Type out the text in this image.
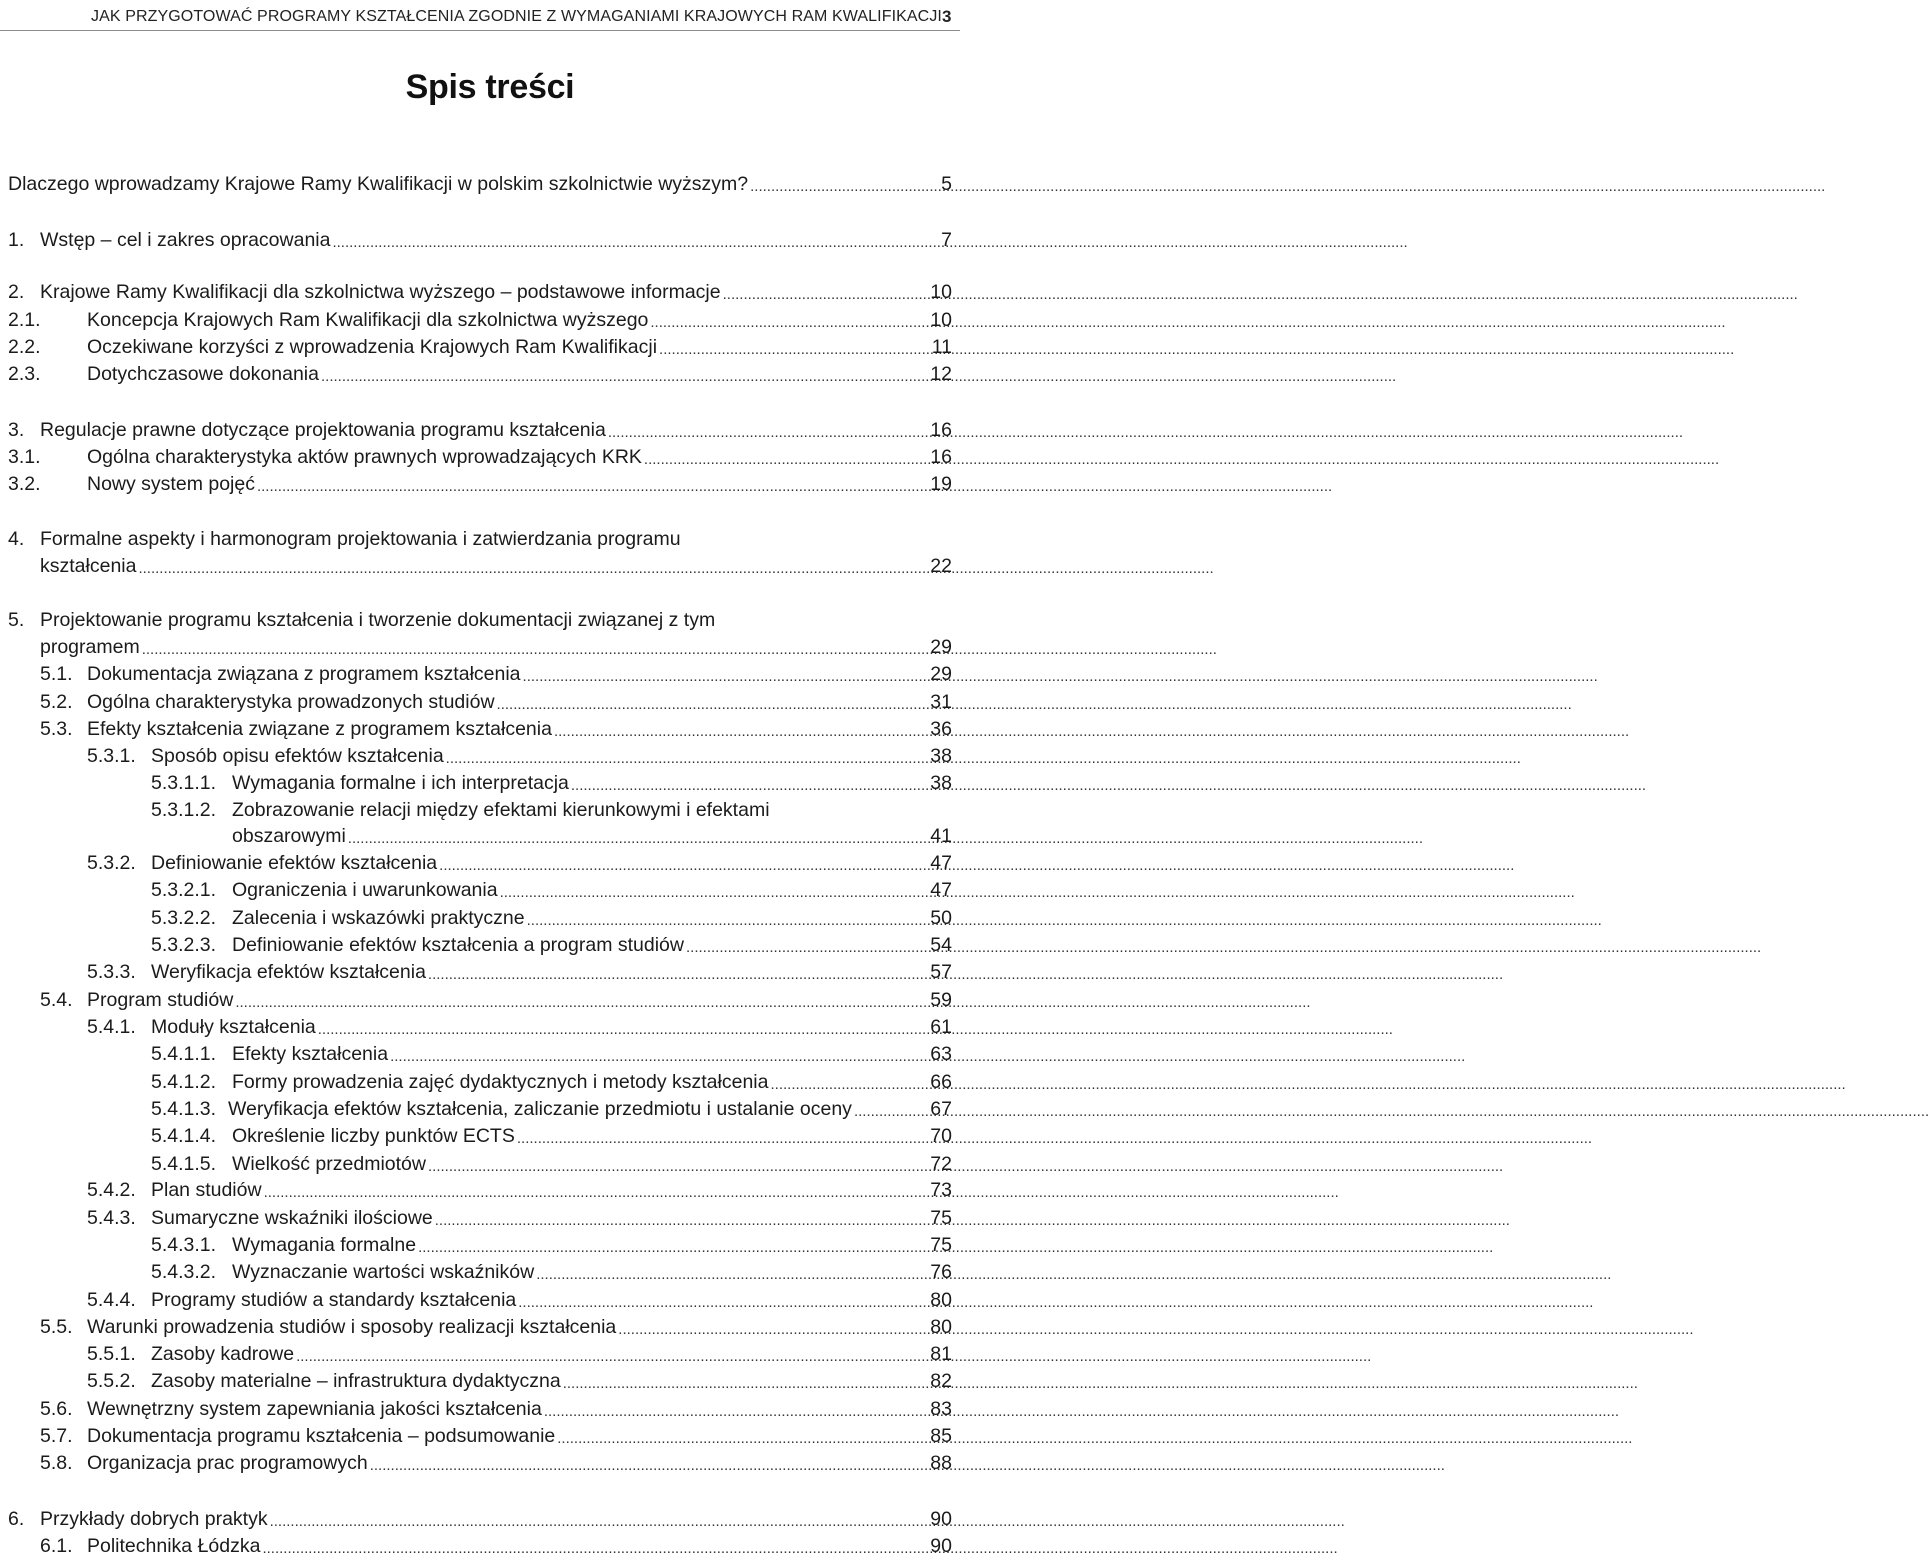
JAK PRZYGOTOWAĆ PROGRAMY KSZTAŁCENIA ZGODNIE Z WYMAGANIAMI KRAJOWYCH RAM KWALIFIKACJI 3
Spis treści
Dlaczego wprowadzamy Krajowe Ramy Kwalifikacji w polskim szkolnictwie wyższym? .....	5
1. Wstęp – cel i zakres opracowania .....	7
2. Krajowe Ramy Kwalifikacji dla szkolnictwa wyższego – podstawowe informacje .....	10
2.1.	Koncepcja Krajowych Ram Kwalifikacji dla szkolnictwa wyższego .....	10
2.2.	Oczekiwane korzyści z wprowadzenia Krajowych Ram Kwalifikacji .....	11
2.3.	Dotychczasowe dokonania .....	12
3. Regulacje prawne dotyczące projektowania programu kształcenia .....	16
3.1.	Ogólna charakterystyka aktów prawnych wprowadzających KRK .....	16
3.2.	Nowy system pojęć .....	19
4. Formalne aspekty i harmonogram projektowania i zatwierdzania programu
kształcenia .....	22
5. Projektowanie programu kształcenia i tworzenie dokumentacji związanej z tym
programem .....	29
5.1. Dokumentacja związana z programem kształcenia .....	29
5.2. Ogólna charakterystyka prowadzonych studiów .....	31
5.3. Efekty kształcenia związane z programem kształcenia .....	36
5.3.1. Sposób opisu efektów kształcenia .....	38
5.3.1.1. Wymagania formalne i ich interpretacja .....	38
5.3.1.2. Zobrazowanie relacji między efektami kierunkowymi i efektami
obszarowymi .....	41
5.3.2. Definiowanie efektów kształcenia .....	47
5.3.2.1. Ograniczenia i uwarunkowania .....	47
5.3.2.2. Zalecenia i wskazówki praktyczne .....	50
5.3.2.3. Definiowanie efektów kształcenia a program studiów .....	54
5.3.3. Weryfikacja efektów kształcenia .....	57
5.4. Program studiów .....	59
5.4.1. Moduły kształcenia .....	61
5.4.1.1. Efekty kształcenia .....	63
5.4.1.2. Formy prowadzenia zajęć dydaktycznych i metody kształcenia .....	66
5.4.1.3. Weryfikacja efektów kształcenia, zaliczanie przedmiotu i ustalanie oceny .....	67
5.4.1.4. Określenie liczby punktów ECTS .....	70
5.4.1.5. Wielkość przedmiotów .....	72
5.4.2. Plan studiów .....	73
5.4.3. Sumaryczne wskaźniki ilościowe .....	75
5.4.3.1. Wymagania formalne .....	75
5.4.3.2. Wyznaczanie wartości wskaźników .....	76
5.4.4. Programy studiów a standardy kształcenia .....	80
5.5. Warunki prowadzenia studiów i sposoby realizacji kształcenia .....	80
5.5.1. Zasoby kadrowe .....	81
5.5.2. Zasoby materialne – infrastruktura dydaktyczna .....	82
5.6. Wewnętrzny system zapewniania jakości kształcenia .....	83
5.7. Dokumentacja programu kształcenia – podsumowanie .....	85
5.8. Organizacja prac programowych .....	88
6. Przykłady dobrych praktyk .....	90
6.1. Politechnika Łódzka .....	90
